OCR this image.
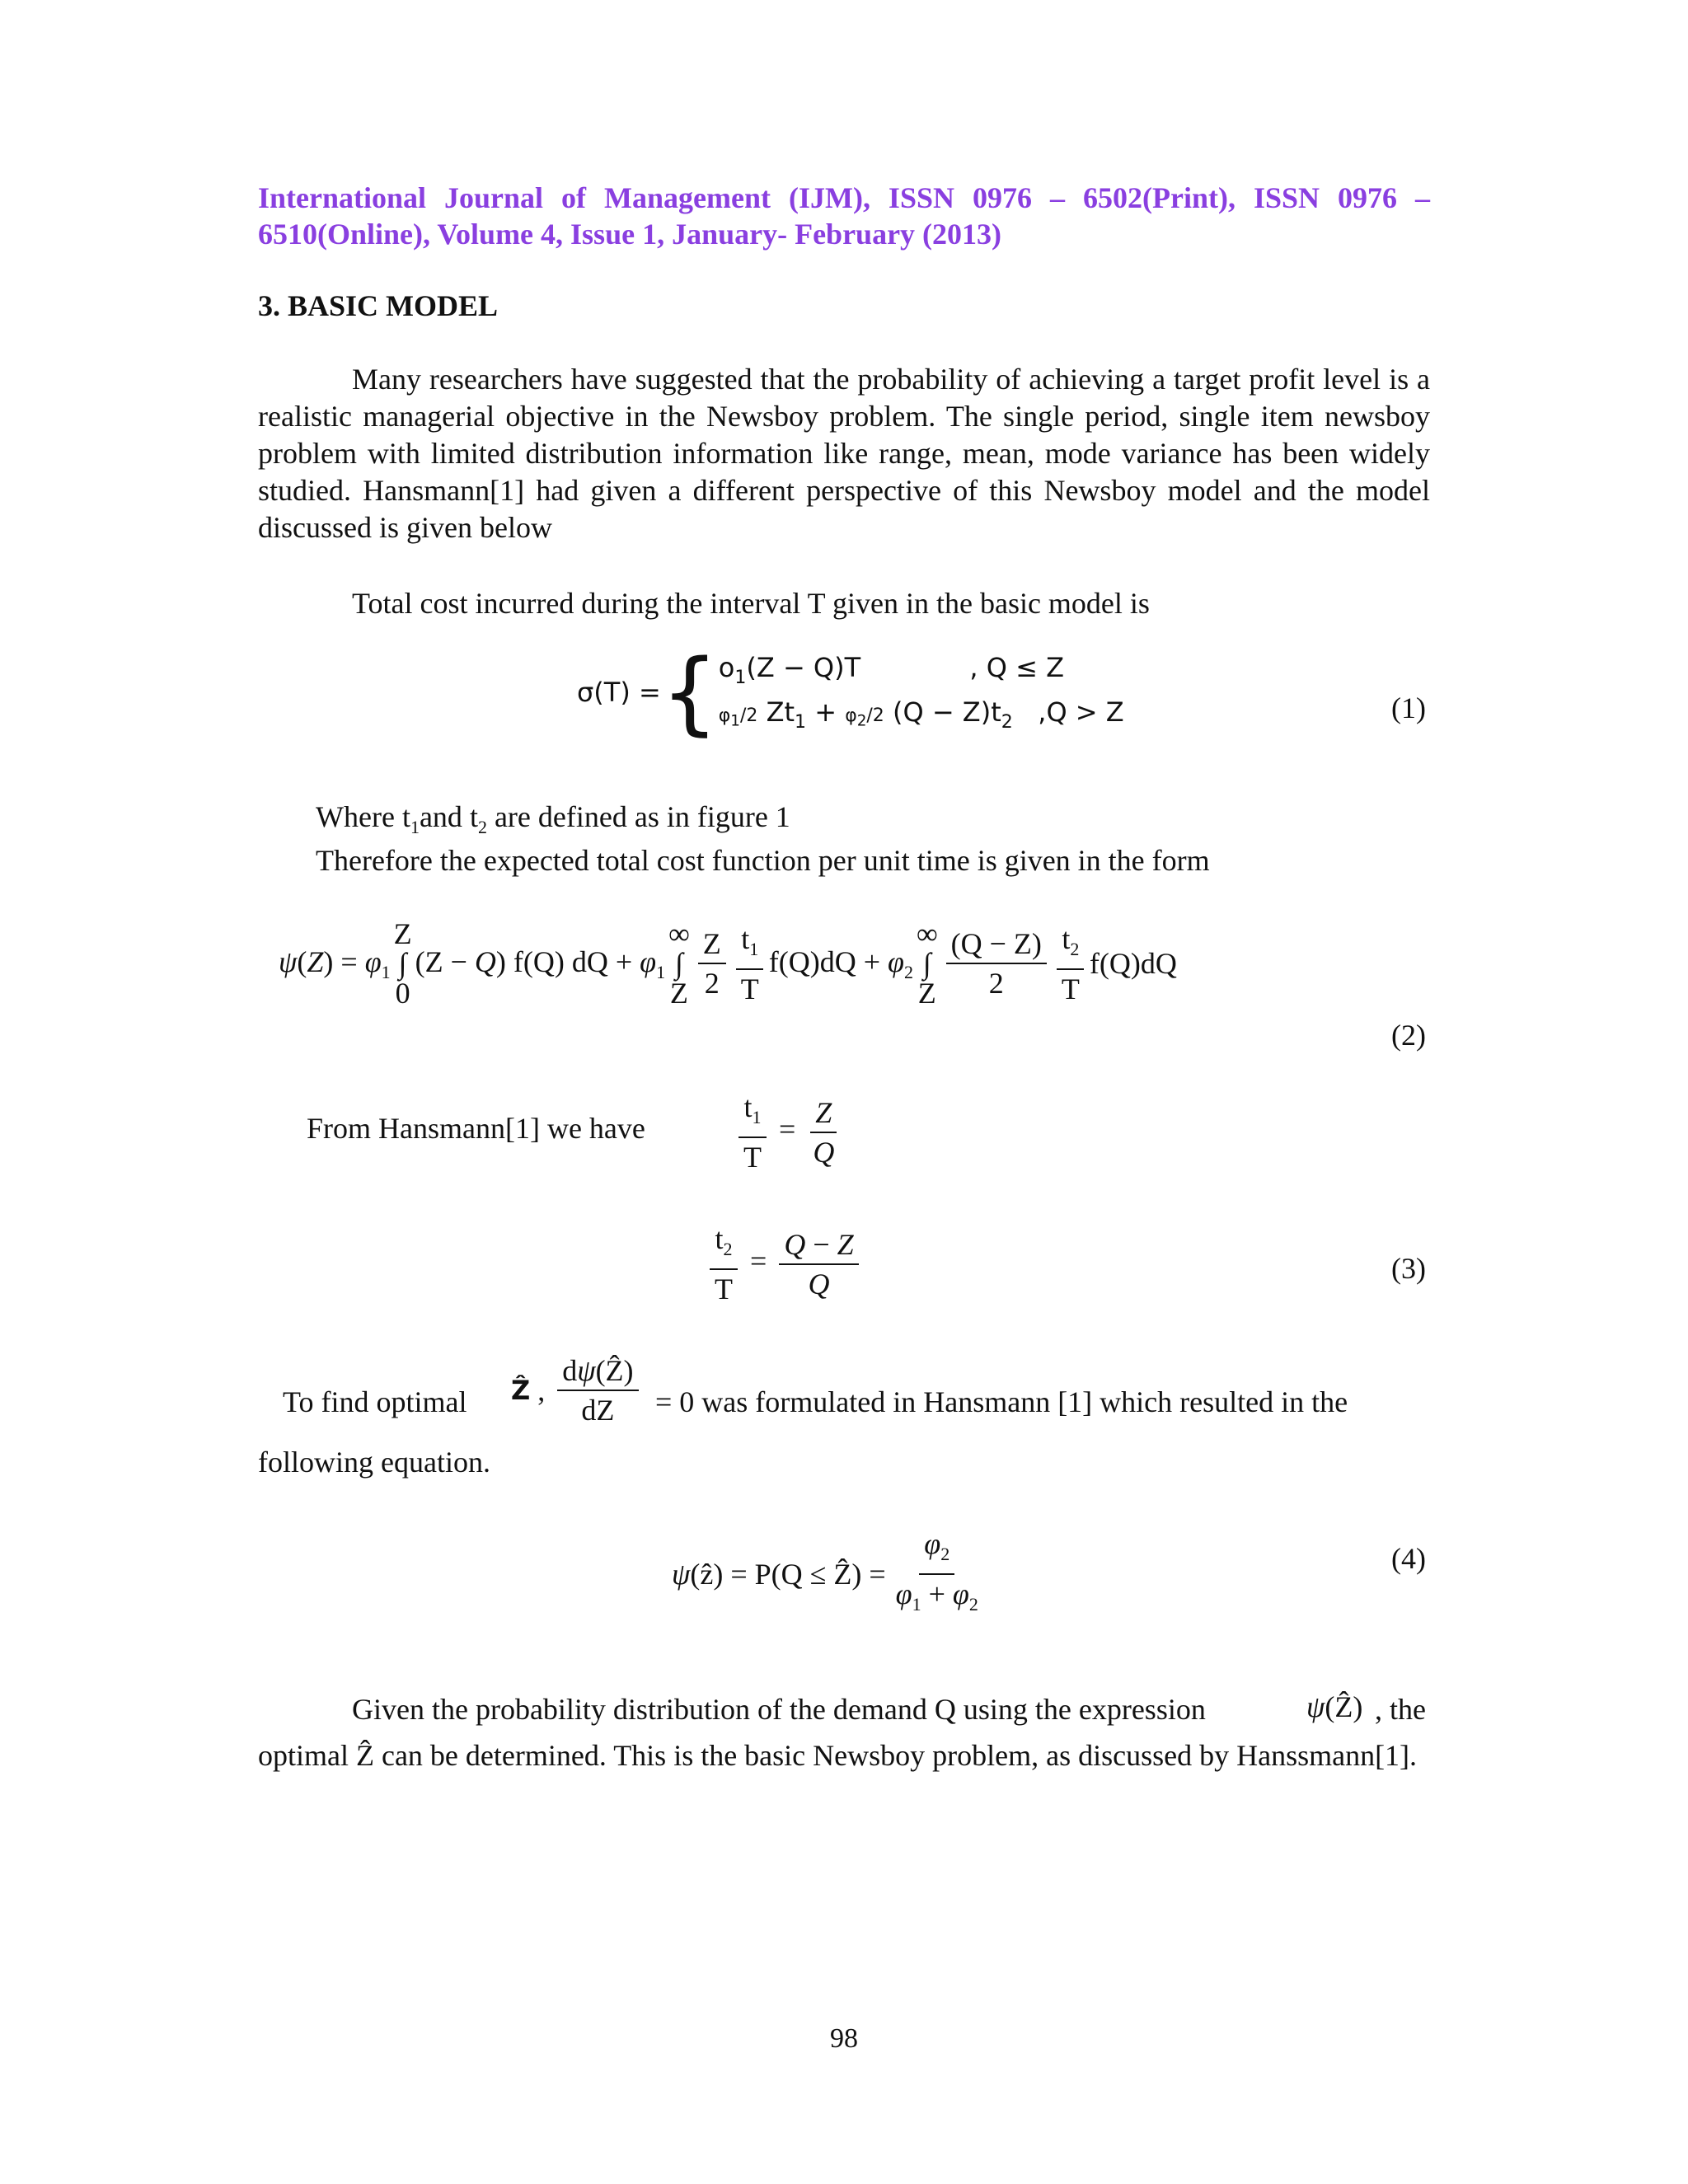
International Journal of Management (IJM), ISSN 0976 – 6502(Print), ISSN 0976 – 6510(Online), Volume 4, Issue 1, January- February (2013)
3. BASIC MODEL
Many researchers have suggested that the probability of achieving a target profit level is a realistic managerial objective in the Newsboy problem. The single period, single item newsboy problem with limited distribution information like range, mean, mode variance has been widely studied. Hansmann[1] had given a different perspective of this Newsboy model and the model discussed is given below
Total cost incurred during the interval T given in the basic model is
σ(T) = { $o_1(Z - Q)T$             , Q ≤ Z
$\varphi_1/2$ $Zt_1 + \varphi_2/2$ $(Q - Z)t_2$   ,Q > Z	(1)
Where $t_1and$ $t_2$ are defined as in figure 1
Therefore the expected total cost function per unit time is given in the form
$\psi(Z) = \varphi_1$
Z
∫
0
(Z − Q) f(Q) dQ + $\varphi_1$
∞
∫
Z $\frac{Z}{2} \frac{t_1}{T} f(Q)dQ + \varphi_2$
∞
∫
Z $\frac{(Q - Z)}{2} \frac{t_2}{T} f(Q)dQ$
(2)
From Hansmann[1] we have	$\frac{t_1}{T} = \frac{Z}{Q}$
$\frac{t_2}{T} = \frac{Q - Z}{Q}$	(3)
To find optimal Ẑ , $\frac{\text{dψ(Ẑ)}}{dZ} = 0$ was formulated in Hansmann [1] which resulted in the
following equation.
ψ(ẑ) = P(Q ≤ Ẑ) = $\frac{\varphi_2}{\varphi_1 + \varphi_2}$	(4)
Given the probability distribution of the demand Q using the expression	ψ(Ẑ) , the
optimal Ẑ can be determined. This is the basic Newsboy problem, as discussed by Hanssmann[1].
98
